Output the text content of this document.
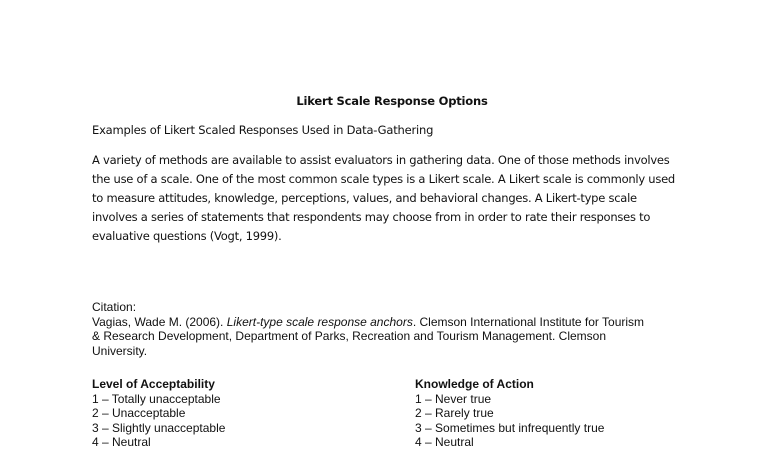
Likert Scale Response Options
Examples of Likert Scaled Responses Used in Data-Gathering
A variety of methods are available to assist evaluators in gathering data. One of those methods involves
the use of a scale. One of the most common scale types is a Likert scale. A Likert scale is commonly used
to measure attitudes, knowledge, perceptions, values, and behavioral changes. A Likert-type scale
involves a series of statements that respondents may choose from in order to rate their responses to
evaluative questions (Vogt, 1999).
Citation:
Vagias, Wade M. (2006). Likert-type scale response anchors. Clemson International Institute for Tourism
& Research Development, Department of Parks, Recreation and Tourism Management. Clemson
University.
Level of Acceptability
1 – Totally unacceptable
2 – Unacceptable
3 – Slightly unacceptable
4 – Neutral
Knowledge of Action
1 – Never true
2 – Rarely true
3 – Sometimes but infrequently true
4 – Neutral
